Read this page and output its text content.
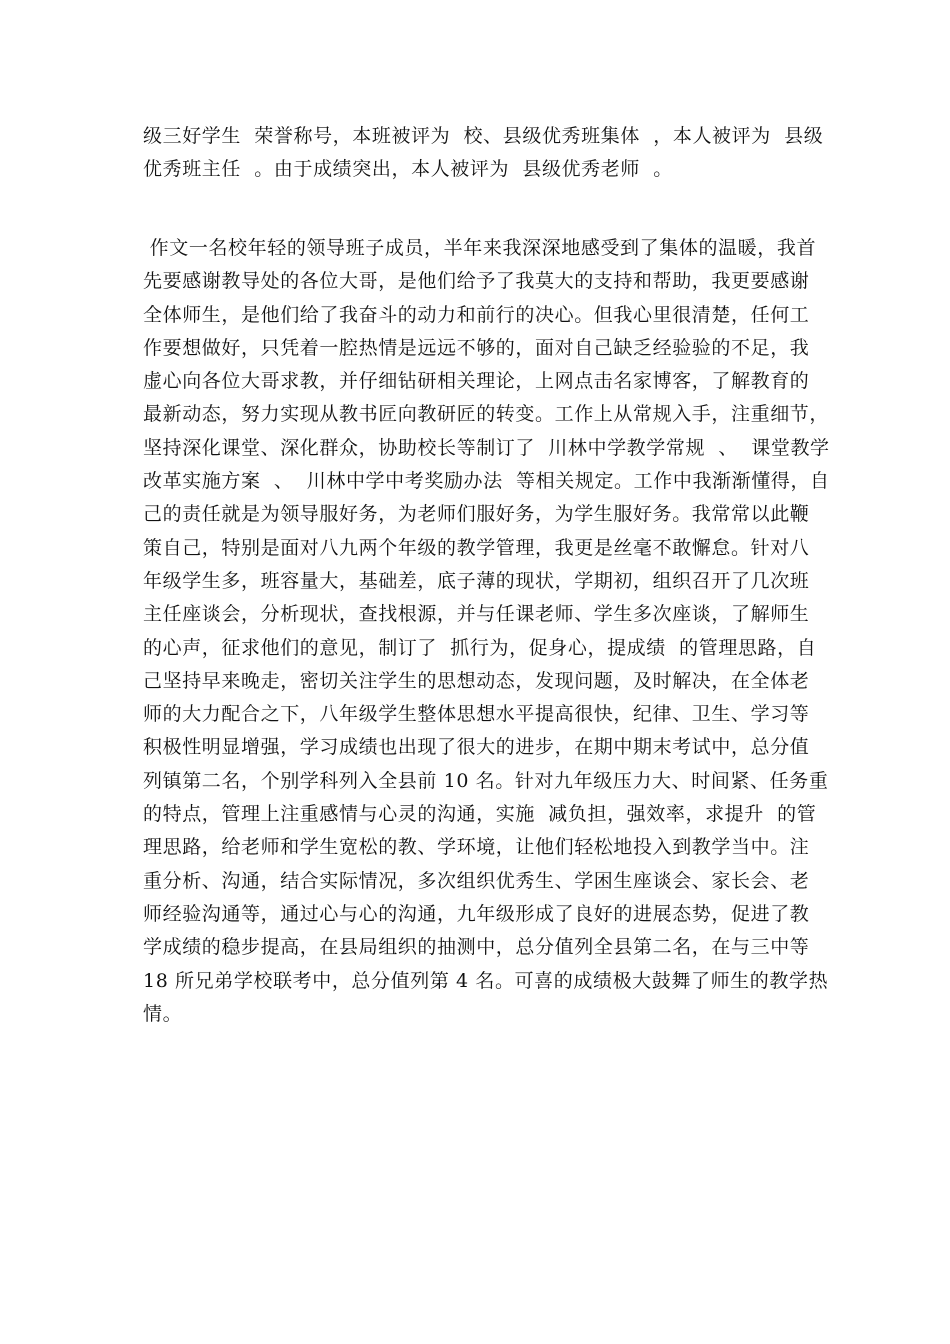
级三好学生  荣誉称号，本班被评为  校、县级优秀班集体  ，本人被评为  县级

优秀班主任  。由于成绩突出，本人被评为  县级优秀老师  。

作文一名校年轻的领导班子成员，半年来我深深地感受到了集体的温暖，我首

先要感谢教导处的各位大哥，是他们给予了我莫大的支持和帮助，我更要感谢

全体师生，是他们给了我奋斗的动力和前行的决心。但我心里很清楚，任何工

作要想做好，只凭着一腔热情是远远不够的，面对自己缺乏经验验的不足，我

虚心向各位大哥求教，并仔细钻研相关理论，上网点击名家博客，了解教育的

最新动态，努力实现从教书匠向教研匠的转变。工作上从常规入手，注重细节，

坚持深化课堂、深化群众，协助校长等制订了  川林中学教学常规  、  课堂教学

改革实施方案  、  川林中学中考奖励办法  等相关规定。工作中我渐渐懂得，自

己的责任就是为领导服好务，为老师们服好务，为学生服好务。我常常以此鞭

策自己，特别是面对八九两个年级的教学管理，我更是丝毫不敢懈怠。针对八

年级学生多，班容量大，基础差，底子薄的现状，学期初，组织召开了几次班

主任座谈会，分析现状，查找根源，并与任课老师、学生多次座谈，了解师生

的心声，征求他们的意见，制订了  抓行为，促身心，提成绩  的管理思路，自

己坚持早来晚走，密切关注学生的思想动态，发现问题，及时解决，在全体老

师的大力配合之下，八年级学生整体思想水平提高很快，纪律、卫生、学习等

积极性明显增强，学习成绩也出现了很大的进步，在期中期末考试中，总分值

列镇第二名，个别学科列入全县前 10 名。针对九年级压力大、时间紧、任务重

的特点，管理上注重感情与心灵的沟通，实施  减负担，强效率，求提升  的管

理思路，给老师和学生宽松的教、学环境，让他们轻松地投入到教学当中。注

重分析、沟通，结合实际情况，多次组织优秀生、学困生座谈会、家长会、老

师经验沟通等，通过心与心的沟通，九年级形成了良好的进展态势，促进了教

学成绩的稳步提高，在县局组织的抽测中，总分值列全县第二名，在与三中等

18 所兄弟学校联考中，总分值列第 4 名。可喜的成绩极大鼓舞了师生的教学热

情。
